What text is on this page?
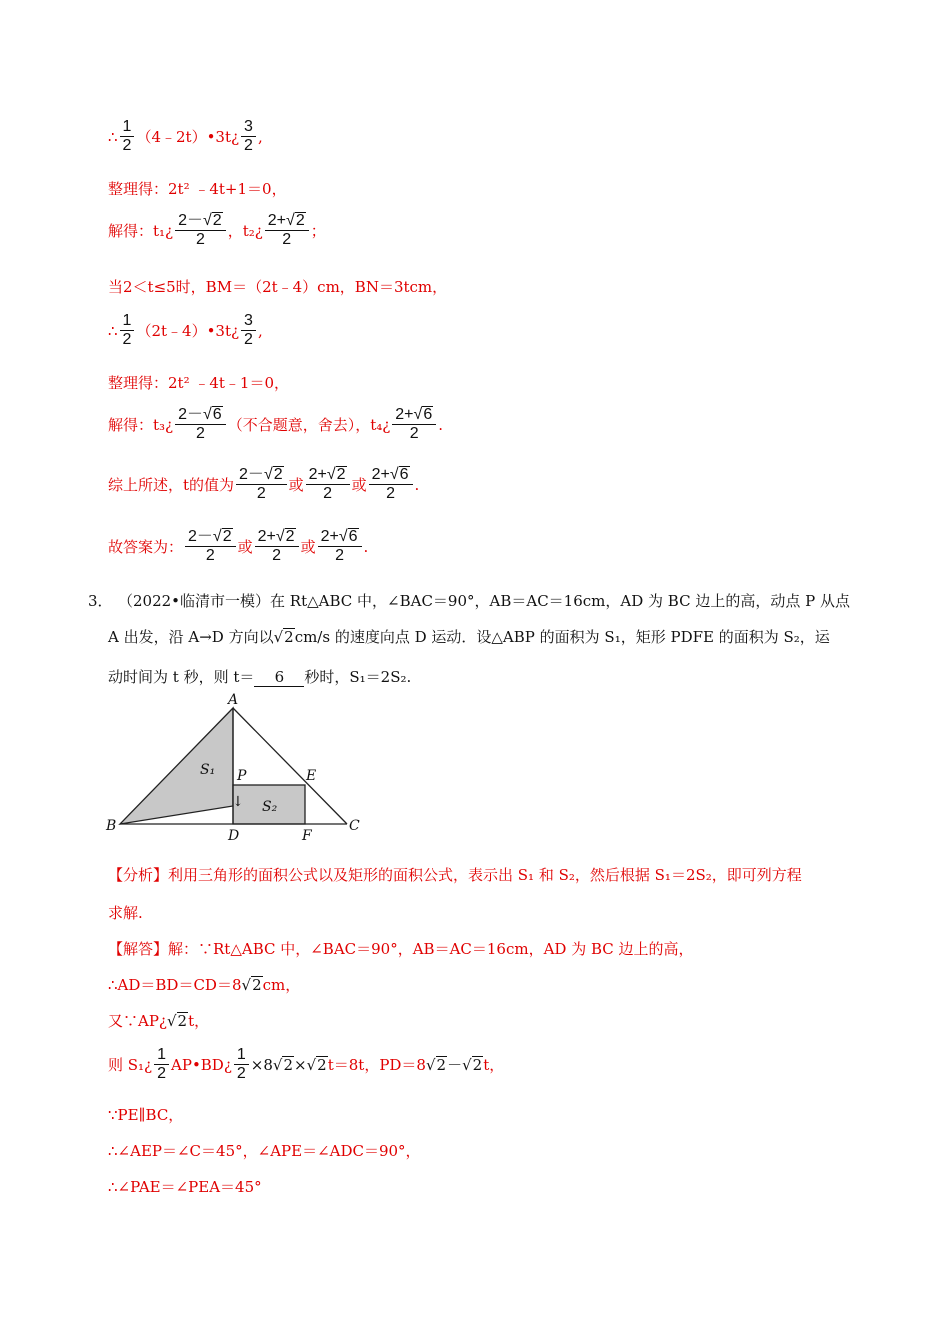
∴ $\frac{1}{2}$ （4﹣2t）•3t¿ $\frac{3}{2}$ ,
整理得：2t² ﹣4t+1＝0，
解得：t₁¿ $\frac{2-√ 2}{2}$ ，t₂¿ $\frac{2+√ 2}{2}$ ；
当2＜t≤5时，BM＝（2t﹣4）cm，BN＝3tcm，
∴ $\frac{1}{2}$ （2t﹣4）•3t¿ $\frac{3}{2}$ ,
整理得：2t² ﹣4t﹣1＝0，
解得：t₃¿ $\frac{2-√ 6}{2}$ （不合题意，舍去），t₄¿ $\frac{2+√ 6}{2}$ .
综上所述，t的值为 $\frac{2-√ 2}{2}$ 或 $\frac{2+√ 2}{2}$ 或 $\frac{2+√ 6}{2}$ .
故答案为： $\frac{2-√ 2}{2}$ 或 $\frac{2+√ 2}{2}$ 或 $\frac{2+√ 6}{2}$ .
3． （2022•临清市一模）在 Rt△ABC 中，∠BAC＝90°，AB＝AC＝16cm，AD 为 BC 边上的高，动点 P 从点
A 出发，沿 A→D 方向以√ 2 cm/s 的速度向点 D 运动．设△ABP 的面积为 S₁，矩形 PDFE 的面积为 S₂，运
动时间为 t 秒，则 t＝ 6 秒时，S₁＝2S₂.
A
B	C
D
E
F
P
S₁
S₂
↓
【分析】利用三角形的面积公式以及矩形的面积公式，表示出 S₁ 和 S₂，然后根据 S₁＝2S₂，即可列方程
求解.
【解答】解：∵Rt△ABC 中，∠BAC＝90°，AB＝AC＝16cm，AD 为 BC 边上的高，
∴AD＝BD＝CD＝8 √ 2 cm，
又∵AP¿ √ 2 t，
则 S₁¿ $\frac{1}{2}$ AP•BD¿ $\frac{1}{2} \times 8$ √ 2 × √ 2 t＝8t，PD＝8 √ 2 － √ 2 t，
∵PE∥BC，
∴∠AEP＝∠C＝45°，∠APE＝∠ADC＝90°，
∴∠PAE＝∠PEA＝45°
